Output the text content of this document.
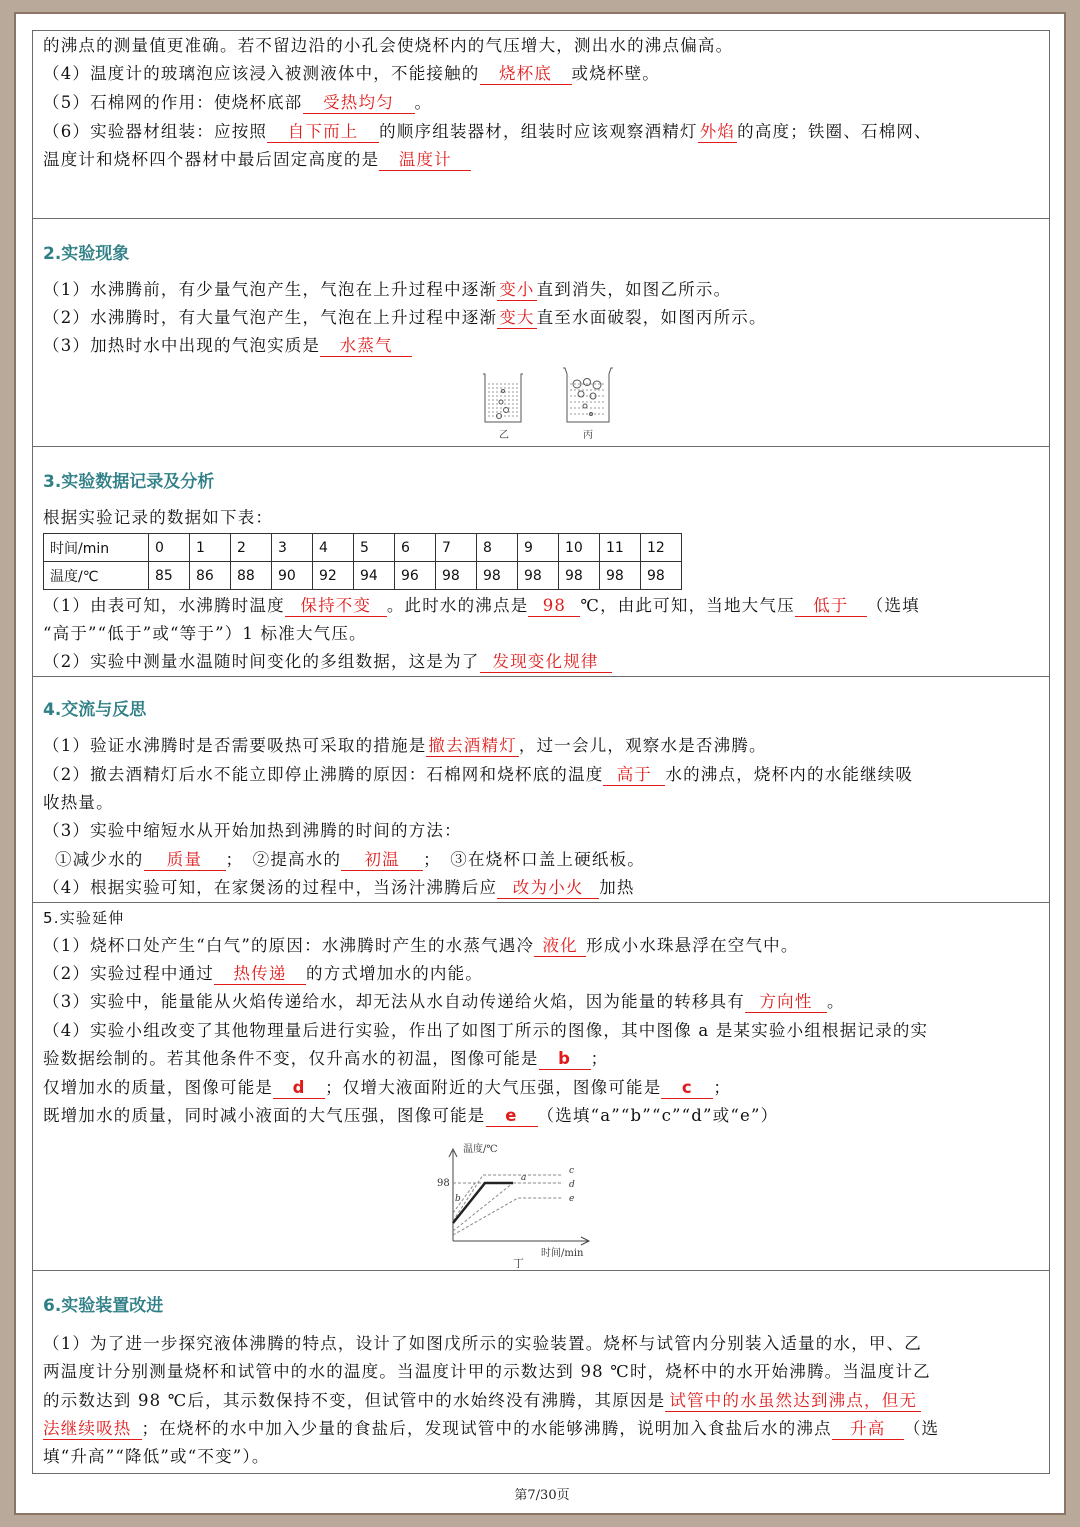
的沸点的测量值更准确。若不留边沿的小孔会使烧杯内的气压增大，测出水的沸点偏高。
（4）温度计的玻璃泡应该浸入被测液体中，不能接触的 烧杯底 或烧杯壁。
（5）石棉网的作用：使烧杯底部 受热均匀 。
（6）实验器材组装：应按照 自下而上 的顺序组装器材，组装时应该观察酒精灯 外焰 的高度；铁圈、石棉网、
温度计和烧杯四个器材中最后固定高度的是 温度计
2.实验现象
（1）水沸腾前，有少量气泡产生，气泡在上升过程中逐渐 变小 直到消失，如图乙所示。
（2）水沸腾时，有大量气泡产生，气泡在上升过程中逐渐 变大 直至水面破裂，如图丙所示。
（3）加热时水中出现的气泡实质是 水蒸气
乙	丙
3.实验数据记录及分析
根据实验记录的数据如下表：
时间/min	0	1	2	3	4	5	6	7	8	9	10	11	12
温度/℃	85	86	88	90	92	94	96	98	98	98	98	98	98
（1）由表可知，水沸腾时温度 保持不变 。此时水的沸点是 98 ℃，由此可知，当地大气压 低于 （选填
“高于”“低于”或“等于”）1 标准大气压。
（2）实验中测量水温随时间变化的多组数据，这是为了 发现变化规律
4.交流与反思
（1）验证水沸腾时是否需要吸热可采取的措施是 撤去酒精灯 ，过一会儿，观察水是否沸腾。
（2）撤去酒精灯后水不能立即停止沸腾的原因：石棉网和烧杯底的温度 高于 水的沸点，烧杯内的水能继续吸
收热量。
（3）实验中缩短水从开始加热到沸腾的时间的方法：
①减少水的 质量 ；　②提高水的 初温 ；　③在烧杯口盖上硬纸板。
（4）根据实验可知，在家煲汤的过程中，当汤汁沸腾后应 改为小火 加热
5.实验延伸
（1）烧杯口处产生“白气”的原因：水沸腾时产生的水蒸气遇冷 液化 形成小水珠悬浮在空气中。
（2）实验过程中通过 热传递 的方式增加水的内能。
（3）实验中，能量能从火焰传递给水，却无法从水自动传递给火焰，因为能量的转移具有 方向性 。
（4）实验小组改变了其他物理量后进行实验，作出了如图丁所示的图像，其中图像 a 是某实验小组根据记录的实
验数据绘制的。若其他条件不变，仅升高水的初温，图像可能是 b ；
仅增加水的质量，图像可能是 d ；仅增大液面附近的大气压强，图像可能是 c ；
既增加水的质量，同时减小液面的大气压强，图像可能是 e （选填“a”“b”“c”“d”或“e”）
温度/℃
时间/min
98	a
b
c
d
e
丁
6.实验装置改进
（1）为了进一步探究液体沸腾的特点，设计了如图戊所示的实验装置。烧杯与试管内分别装入适量的水，甲、乙
两温度计分别测量烧杯和试管中的水的温度。当温度计甲的示数达到 98 ℃时，烧杯中的水开始沸腾。当温度计乙
的示数达到 98 ℃后，其示数保持不变，但试管中的水始终没有沸腾，其原因是 试管中的水虽然达到沸点，但无
法继续吸热 ；在烧杯的水中加入少量的食盐后，发现试管中的水能够沸腾，说明加入食盐后水的沸点 升高 （选
填“升高”“降低”或“不变”）。
第7/30页
